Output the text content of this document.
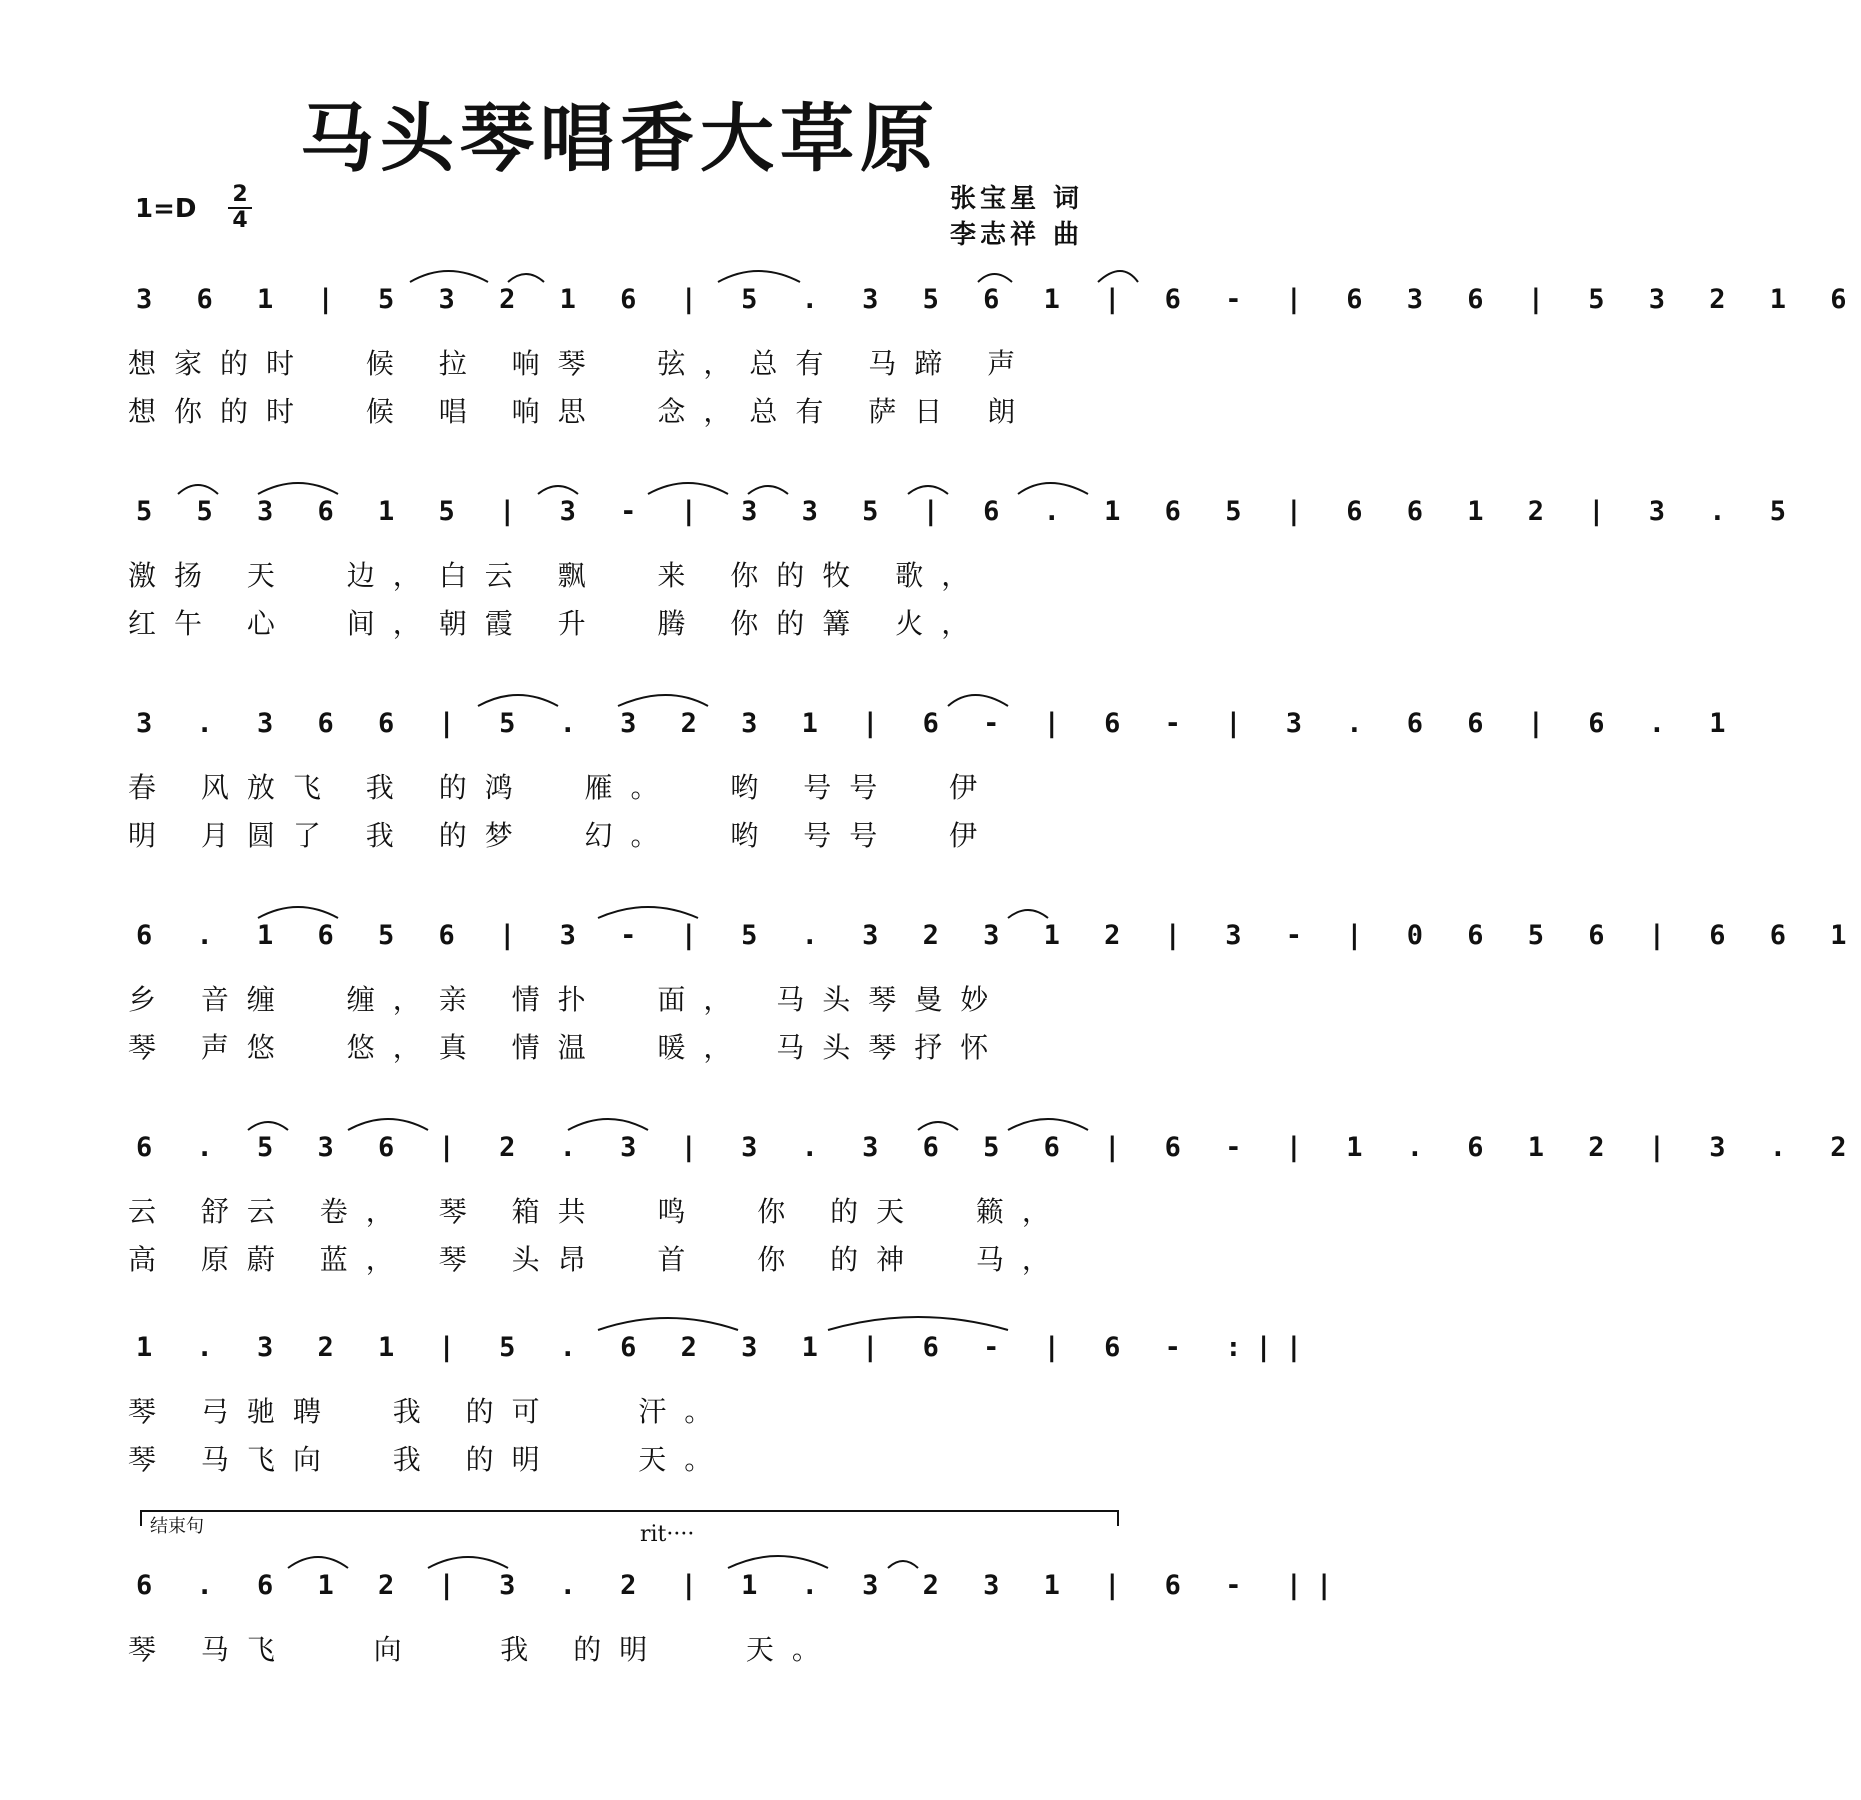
马头琴唱香大草原
1=D 2
4
张宝星 词
李志祥 曲

3 6 1 | 5 3 2 1 6 | 5 . 3 5 6 1 | 6 - | 6 3 6 | 5 3 2 1 6

想家的时  候 拉 响琴  弦，总有 马蹄 声
想你的时  候 唱 响思  念，总有 萨日 朗

5 5 3 6 1 5 | 3 - | 3 3 5 | 6 . 1 6 5 | 6 6 1 2 | 3 . 5

激扬 天  边，白云 飘  来 你的牧 歌，
红午 心  间，朝霞 升  腾 你的篝 火，

3 . 3 6 6 | 5 . 3 2 3 1 | 6 - | 6 - | 3 . 6 6 | 6 . 1

春 风放飞 我 的鸿  雁。  哟 号号  伊
明 月圆了 我 的梦  幻。  哟 号号  伊

6 . 1 6 5 6 | 3 - | 5 . 3 2 3 1 2 | 3 - | 0 6 5 6 | 6 6 1

乡 音缠  缠，亲 情扑  面， 马头琴曼妙
琴 声悠  悠，真 情温  暖， 马头琴抒怀

6 . 5 3 6 | 2 . 3 | 3 . 3 6 5 6 | 6 - | 1 . 6 1 2 | 3 . 2

云 舒云 卷， 琴 箱共  鸣  你 的天  籁，
高 原蔚 蓝， 琴 头昂  首  你 的神  马，

1 . 3 2 1 | 5 . 6 2 3 1 | 6 - | 6 - :||

琴 弓驰聘  我 的可   汗。
琴 马飞向  我 的明   天。
结束句	rit····

6 . 6 1 2 | 3 . 2 | 1 . 3 2 3 1 | 6 - ||

琴 马飞   向   我 的明   天。
